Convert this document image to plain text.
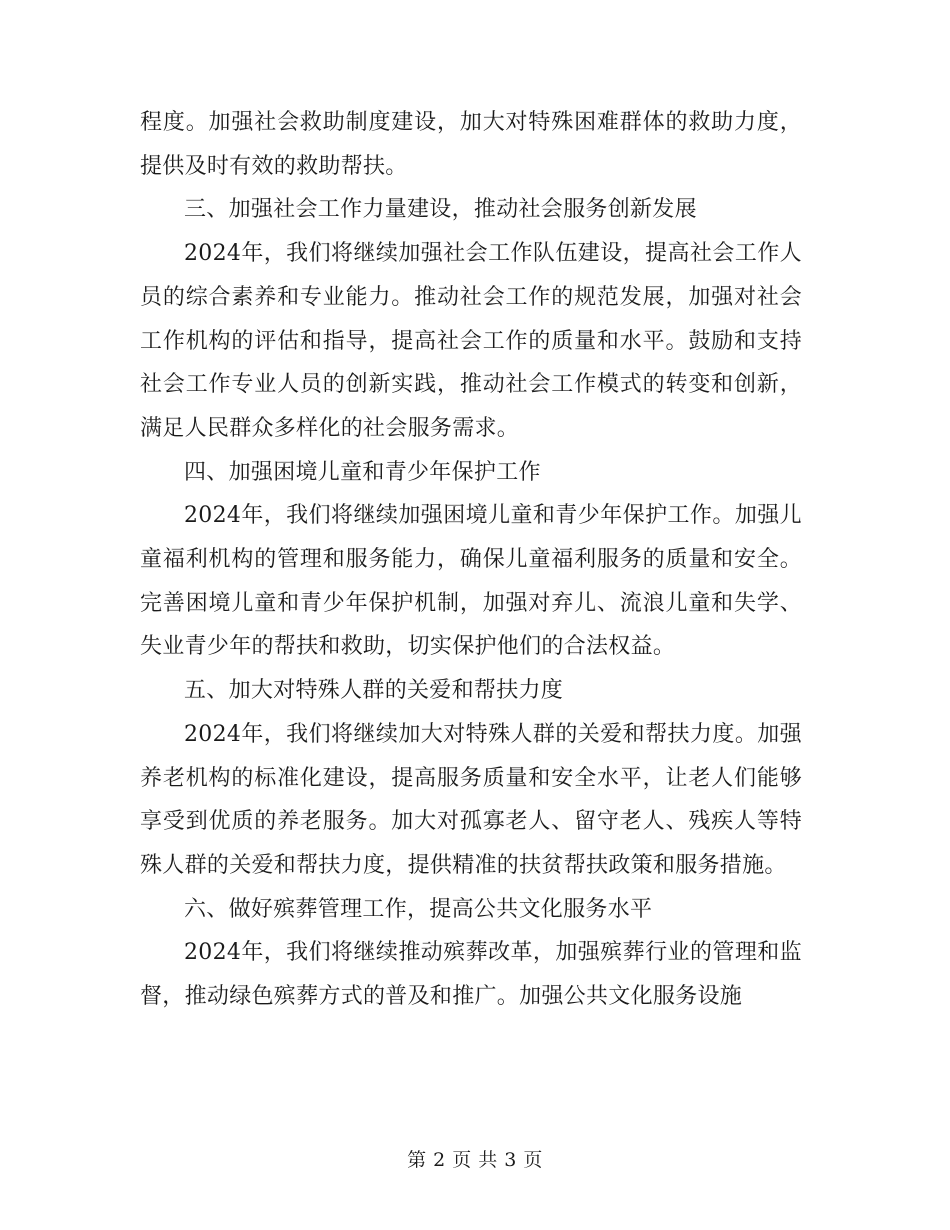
程度。加强社会救助制度建设，加大对特殊困难群体的救助力度，提供及时有效的救助帮扶。

三、加强社会工作力量建设，推动社会服务创新发展

2024年，我们将继续加强社会工作队伍建设，提高社会工作人员的综合素养和专业能力。推动社会工作的规范发展，加强对社会工作机构的评估和指导，提高社会工作的质量和水平。鼓励和支持社会工作专业人员的创新实践，推动社会工作模式的转变和创新，满足人民群众多样化的社会服务需求。

四、加强困境儿童和青少年保护工作

2024年，我们将继续加强困境儿童和青少年保护工作。加强儿童福利机构的管理和服务能力，确保儿童福利服务的质量和安全。完善困境儿童和青少年保护机制，加强对弃儿、流浪儿童和失学、失业青少年的帮扶和救助，切实保护他们的合法权益。

五、加大对特殊人群的关爱和帮扶力度

2024年，我们将继续加大对特殊人群的关爱和帮扶力度。加强养老机构的标准化建设，提高服务质量和安全水平，让老人们能够享受到优质的养老服务。加大对孤寡老人、留守老人、残疾人等特殊人群的关爱和帮扶力度，提供精准的扶贫帮扶政策和服务措施。

六、做好殡葬管理工作，提高公共文化服务水平

2024年，我们将继续推动殡葬改革，加强殡葬行业的管理和监督，推动绿色殡葬方式的普及和推广。加强公共文化服务设施

第 2 页 共 3 页
